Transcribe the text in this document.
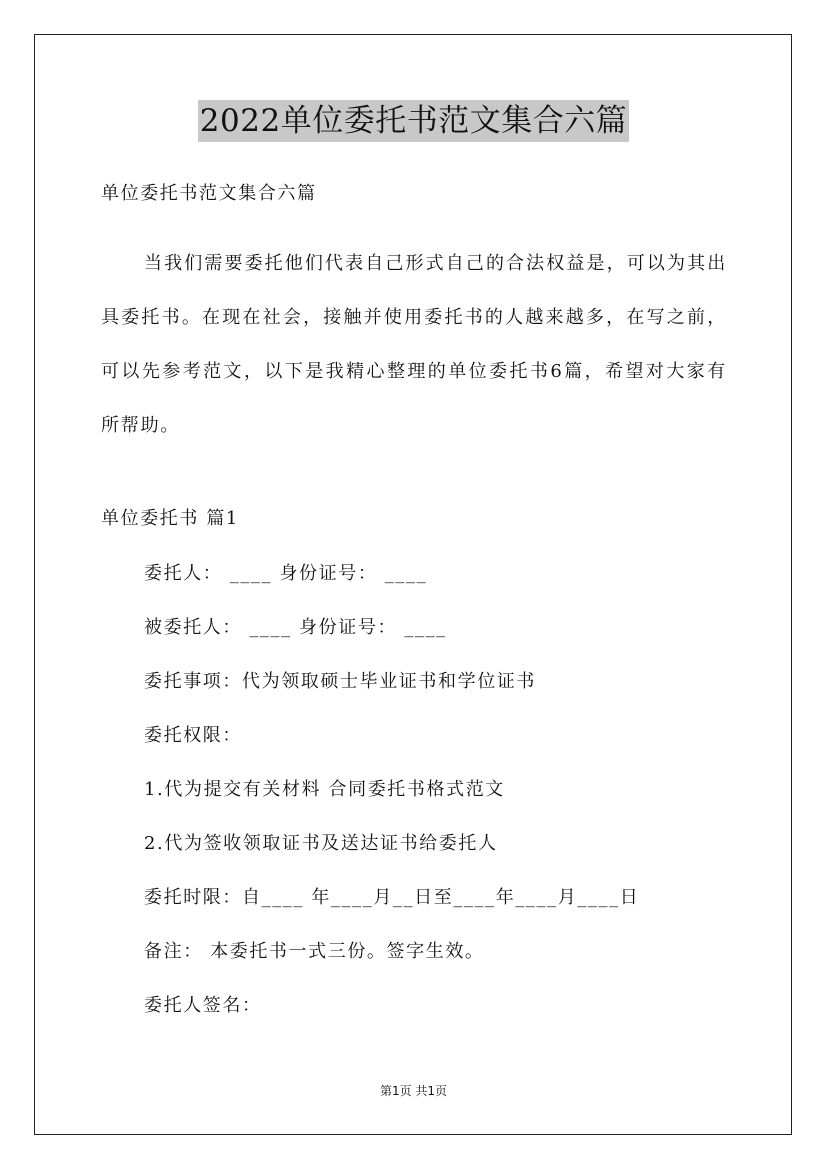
2022单位委托书范文集合六篇
单位委托书范文集合六篇
当我们需要委托他们代表自己形式自己的合法权益是，可以为其出具委托书。在现在社会，接触并使用委托书的人越来越多，在写之前，可以先参考范文，以下是我精心整理的单位委托书6篇，希望对大家有所帮助。
单位委托书 篇1
委托人： ____ 身份证号： ____
被委托人： ____ 身份证号： ____
委托事项：代为领取硕士毕业证书和学位证书
委托权限：
1.代为提交有关材料 合同委托书格式范文
2.代为签收领取证书及送达证书给委托人
委托时限：自____ 年____月__日至____年____月____日
备注： 本委托书一式三份。签字生效。
委托人签名：
第1页 共1页
